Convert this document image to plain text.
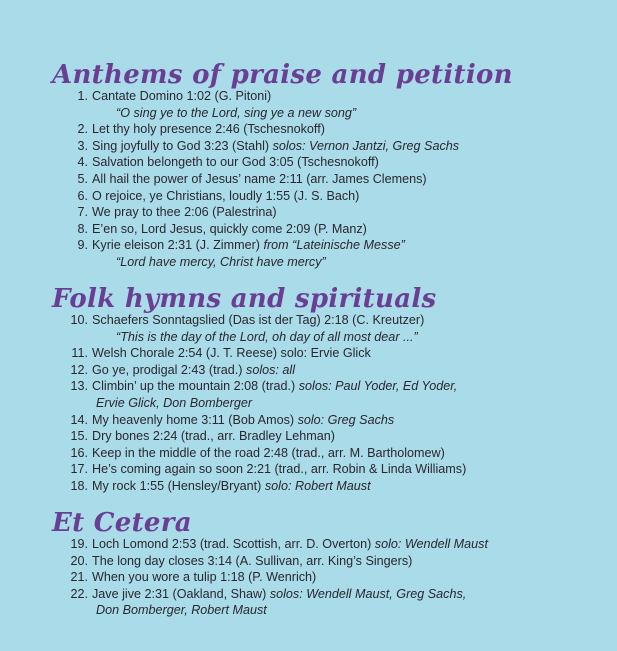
Anthems of praise and petition
1. Cantate Domino 1:02 (G. Pitoni)
“O sing ye to the Lord, sing ye a new song”
2. Let thy holy presence 2:46 (Tschesnokoff)
3. Sing joyfully to God 3:23 (Stahl) solos: Vernon Jantzi, Greg Sachs
4. Salvation belongeth to our God 3:05 (Tschesnokoff)
5. All hail the power of Jesus’ name 2:11 (arr. James Clemens)
6. O rejoice, ye Christians, loudly 1:55 (J. S. Bach)
7. We pray to thee 2:06 (Palestrina)
8. E’en so, Lord Jesus, quickly come 2:09 (P. Manz)
9. Kyrie eleison 2:31 (J. Zimmer) from “Lateinische Messe”
“Lord have mercy, Christ have mercy”
Folk hymns and spirituals
10. Schaefers Sonntagslied (Das ist der Tag) 2:18 (C. Kreutzer)
“This is the day of the Lord, oh day of all most dear ...”
11. Welsh Chorale 2:54 (J. T. Reese) solo: Ervie Glick
12. Go ye, prodigal 2:43 (trad.) solos: all
13. Climbin’ up the mountain 2:08 (trad.) solos: Paul Yoder, Ed Yoder,
Ervie Glick, Don Bomberger
14. My heavenly home 3:11 (Bob Amos) solo: Greg Sachs
15. Dry bones 2:24 (trad., arr. Bradley Lehman)
16. Keep in the middle of the road 2:48 (trad., arr. M. Bartholomew)
17. He’s coming again so soon 2:21 (trad., arr. Robin & Linda Williams)
18. My rock 1:55 (Hensley/Bryant) solo: Robert Maust
Et Cetera
19. Loch Lomond 2:53 (trad. Scottish, arr. D. Overton) solo: Wendell Maust
20. The long day closes 3:14 (A. Sullivan, arr. King’s Singers)
21. When you wore a tulip 1:18 (P. Wenrich)
22. Jave jive 2:31 (Oakland, Shaw) solos: Wendell Maust, Greg Sachs,
Don Bomberger, Robert Maust
